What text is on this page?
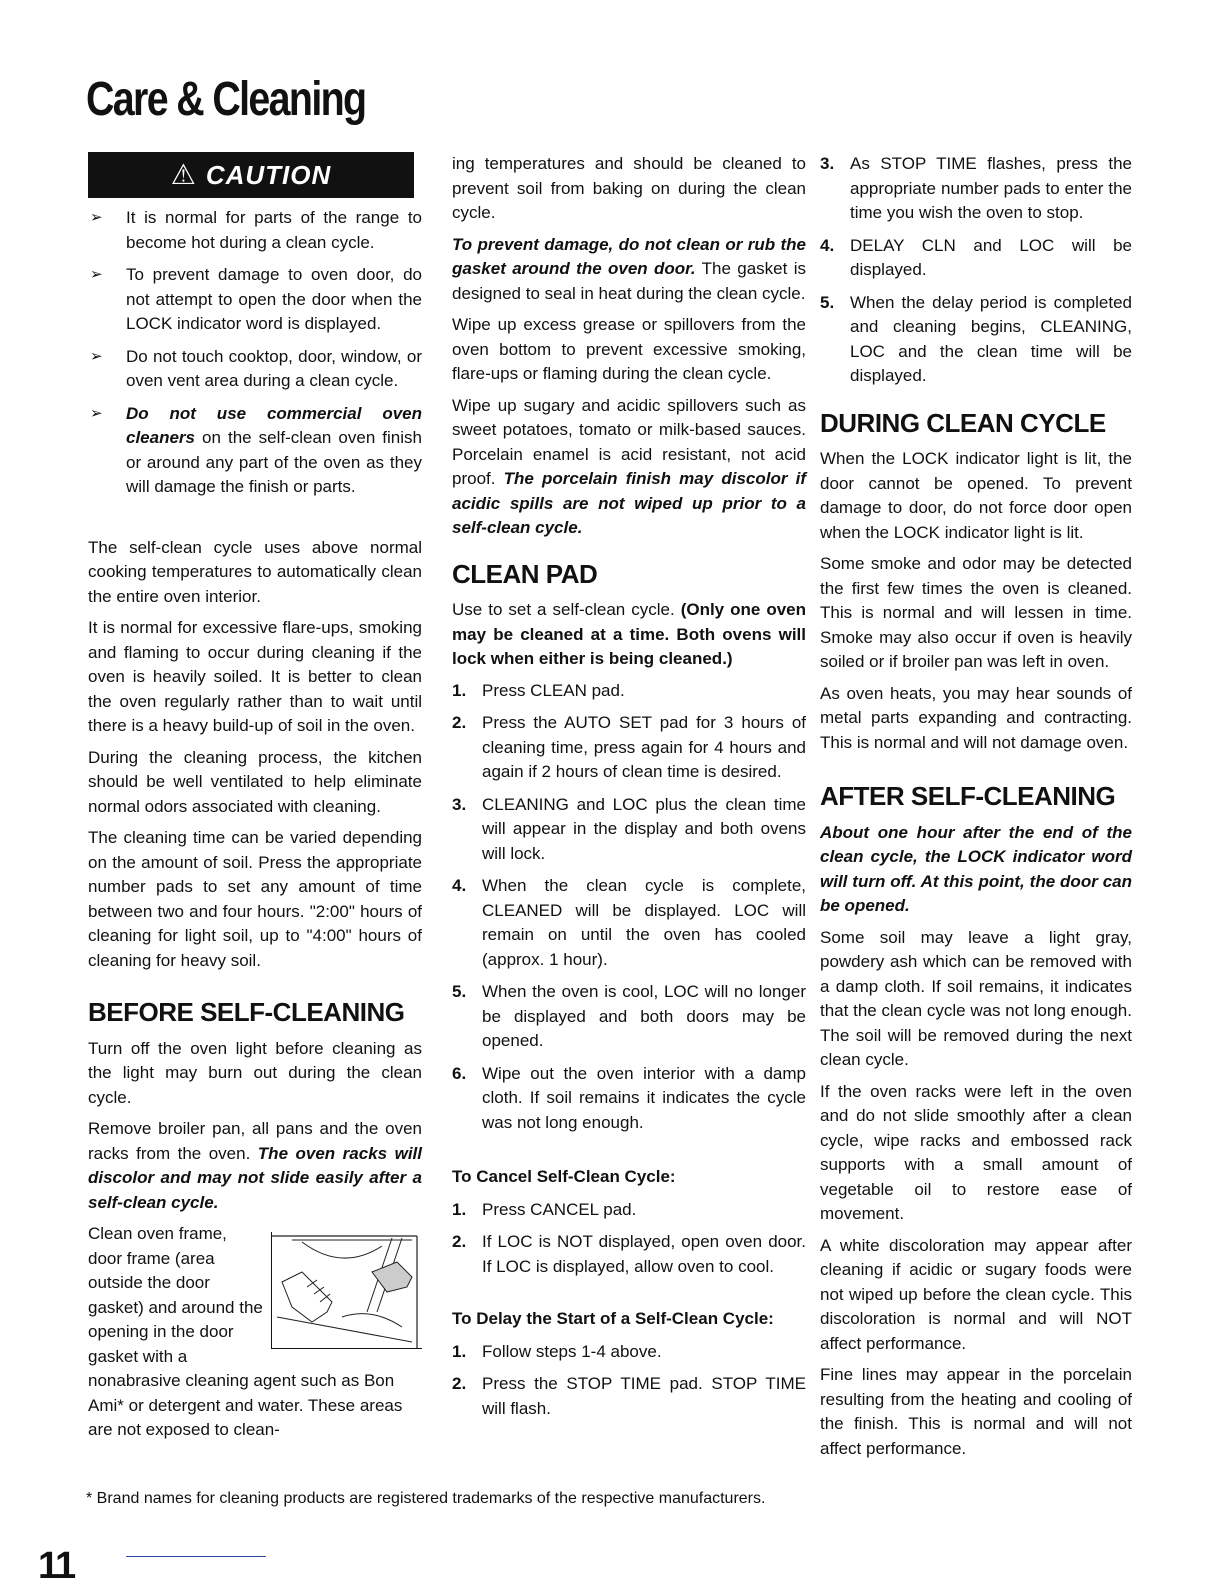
Care & Cleaning
⚠ CAUTION
➢ It is normal for parts of the range to become hot during a clean cycle.
➢ To prevent damage to oven door, do not attempt to open the door when the LOCK indicator word is displayed.
➢ Do not touch cooktop, door, window, or oven vent area during a clean cycle.
➢ Do not use commercial oven cleaners on the self-clean oven finish or around any part of the oven as they will damage the finish or parts.

The self-clean cycle uses above normal cooking temperatures to automatically clean the entire oven interior.

It is normal for excessive flare-ups, smoking and flaming to occur during cleaning if the oven is heavily soiled. It is better to clean the oven regularly rather than to wait until there is a heavy build-up of soil in the oven.

During the cleaning process, the kitchen should be well ventilated to help eliminate normal odors associated with cleaning.

The cleaning time can be varied depending on the amount of soil. Press the appropriate number pads to set any amount of time between two and four hours. "2:00" hours of cleaning for light soil, up to "4:00" hours of cleaning for heavy soil.

BEFORE SELF-CLEANING

Turn off the oven light before cleaning as the light may burn out during the clean cycle.

Remove broiler pan, all pans and the oven racks from the oven. The oven racks will discolor and may not slide easily after a self-clean cycle.

Clean oven frame, door frame (area outside the door gasket) and around the opening in the door gasket with a nonabrasive cleaning agent such as Bon Ami* or detergent and water. These areas are not exposed to clean-

ing temperatures and should be cleaned to prevent soil from baking on during the clean cycle.

To prevent damage, do not clean or rub the gasket around the oven door. The gasket is designed to seal in heat during the clean cycle.

Wipe up excess grease or spillovers from the oven bottom to prevent excessive smoking, flare-ups or flaming during the clean cycle.

Wipe up sugary and acidic spillovers such as sweet potatoes, tomato or milk-based sauces. Porcelain enamel is acid resistant, not acid proof. The porcelain finish may discolor if acidic spills are not wiped up prior to a self-clean cycle.

CLEAN PAD

Use to set a self-clean cycle. (Only one oven may be cleaned at a time. Both ovens will lock when either is being cleaned.)

1. Press CLEAN pad.
2. Press the AUTO SET pad for 3 hours of cleaning time, press again for 4 hours and again if 2 hours of clean time is desired.
3. CLEANING and LOC plus the clean time will appear in the display and both ovens will lock.
4. When the clean cycle is complete, CLEANED will be displayed. LOC will remain on until the oven has cooled (approx. 1 hour).
5. When the oven is cool, LOC will no longer be displayed and both doors may be opened.
6. Wipe out the oven interior with a damp cloth. If soil remains it indicates the cycle was not long enough.
To Cancel Self-Clean Cycle:
1. Press CANCEL pad.
2. If LOC is NOT displayed, open oven door. If LOC is displayed, allow oven to cool.
To Delay the Start of a Self-Clean Cycle:
1. Follow steps 1-4 above.
2. Press the STOP TIME pad. STOP TIME will flash.
3. As STOP TIME flashes, press the appropriate number pads to enter the time you wish the oven to stop.
4. DELAY CLN and LOC will be displayed.
5. When the delay period is completed and cleaning begins, CLEANING, LOC and the clean time will be displayed.
DURING CLEAN CYCLE

When the LOCK indicator light is lit, the door cannot be opened. To prevent damage to door, do not force door open when the LOCK indicator light is lit.

Some smoke and odor may be detected the first few times the oven is cleaned. This is normal and will lessen in time. Smoke may also occur if oven is heavily soiled or if broiler pan was left in oven.

As oven heats, you may hear sounds of metal parts expanding and contracting. This is normal and will not damage oven.

AFTER SELF-CLEANING

About one hour after the end of the clean cycle, the LOCK indicator word will turn off. At this point, the door can be opened.

Some soil may leave a light gray, powdery ash which can be removed with a damp cloth. If soil remains, it indicates that the clean cycle was not long enough. The soil will be removed during the next clean cycle.

If the oven racks were left in the oven and do not slide smoothly after a clean cycle, wipe racks and embossed rack supports with a small amount of vegetable oil to restore ease of movement.

A white discoloration may appear after cleaning if acidic or sugary foods were not wiped up before the clean cycle. This discoloration is normal and will NOT affect performance.

Fine lines may appear in the porcelain resulting from the heating and cooling of the finish. This is normal and will not affect performance.

* Brand names for cleaning products are registered trademarks of the respective manufacturers.
11
